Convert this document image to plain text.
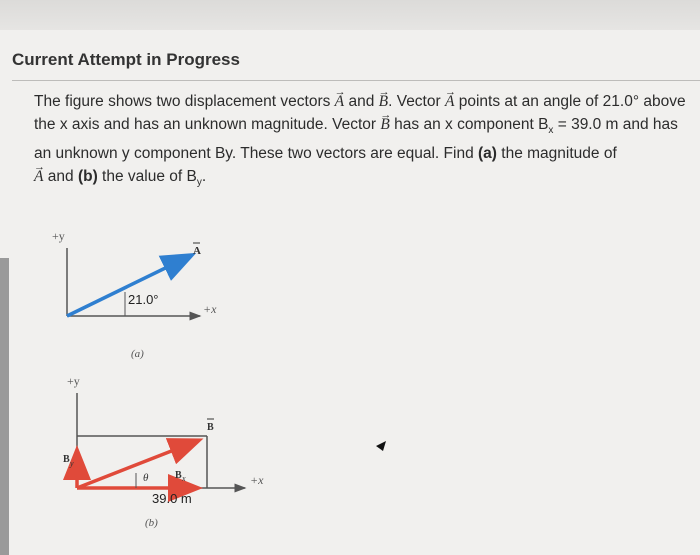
Current Attempt in Progress
The figure shows two displacement vectors → A and → B. Vector → A points at an angle of 21.0° above the x axis and has an unknown magnitude. Vector → B has an x component $B_x = 39.0$ m and has an unknown y component By. These two vectors are equal. Find (a) the magnitude of
→ A and (b) the value of $B_y$.
+y
+x
A
21.0°
(a)
+y
+x
B y
B
θ	B x
39.0 m
(b)
